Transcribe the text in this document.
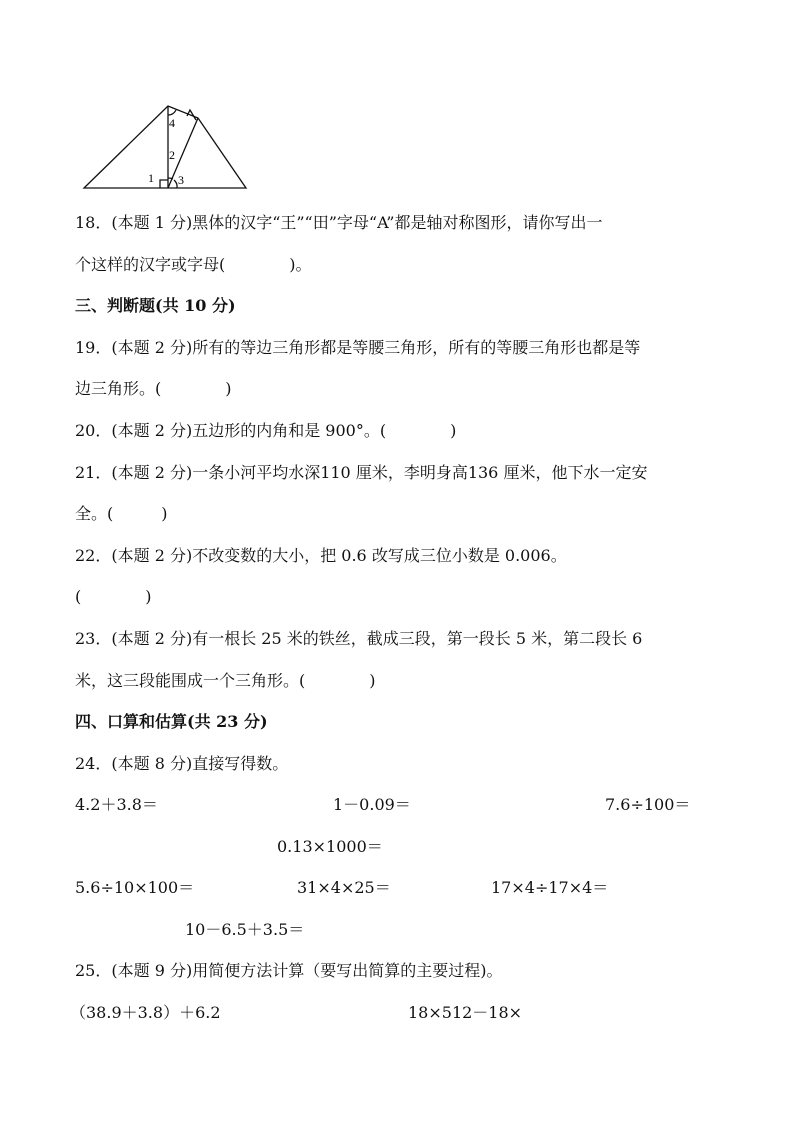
4
2
1 3
18．(本题 1 分)黑体的汉字“王”“田”字母“A”都是轴对称图形，请你写出一
个这样的汉字或字母(　　　　)。
三、判断题(共 10 分)
19．(本题 2 分)所有的等边三角形都是等腰三角形，所有的等腰三角形也都是等
边三角形。(　　　　)
20．(本题 2 分)五边形的内角和是 900°。(　　　　)
21．(本题 2 分)一条小河平均水深110 厘米，李明身高136 厘米，他下水一定安
全。(　　　)
22．(本题 2 分)不改变数的大小，把 0.6 改写成三位小数是 0.006。
(　　　　)
23．(本题 2 分)有一根长 25 米的铁丝，截成三段，第一段长 5 米，第二段长 6
米，这三段能围成一个三角形。(　　　　)
四、口算和估算(共 23 分)
24．(本题 8 分)直接写得数。
4.2＋3.8＝	1－0.09＝	7.6÷100＝
0.13×1000＝
5.6÷10×100＝	31×4×25＝	17×4÷17×4＝
10－6.5＋3.5＝
25．(本题 9 分)用简便方法计算（要写出简算的主要过程)。
（38.9＋3.8）＋6.2	18×512－18×
